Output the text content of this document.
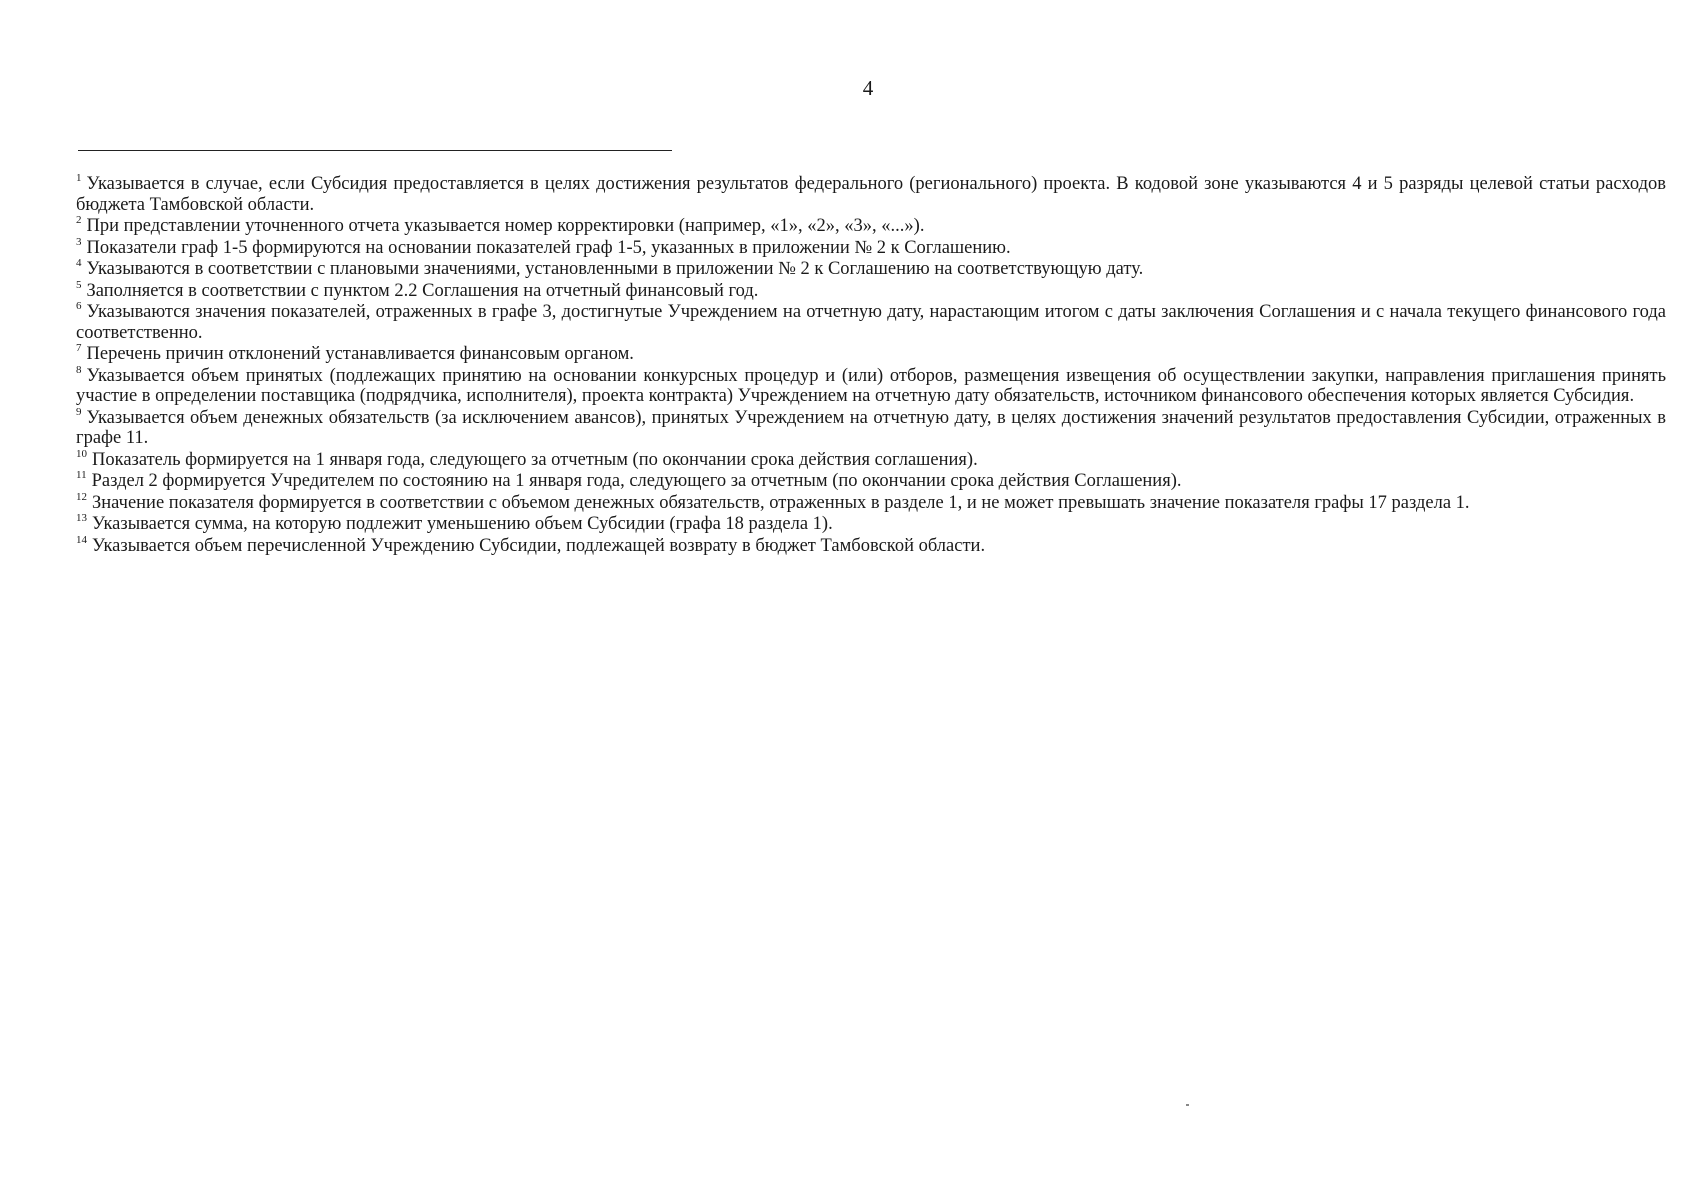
4

$^1$ Указывается в случае, если Субсидия предоставляется в целях достижения результатов федерального (регионального) проекта. В кодовой зоне указываются 4 и 5 разряды целевой статьи расходов бюджета Тамбовской области.

$^2$ При представлении уточненного отчета указывается номер корректировки (например, «1», «2», «3», «...»).

$^3$ Показатели граф 1-5 формируются на основании показателей граф 1-5, указанных в приложении № 2 к Соглашению.

$^4$ Указываются в соответствии с плановыми значениями, установленными в приложении № 2 к Соглашению на соответствующую дату.

$^5$ Заполняется в соответствии с пунктом 2.2 Соглашения на отчетный финансовый год.

$^6$ Указываются значения показателей, отраженных в графе 3, достигнутые Учреждением на отчетную дату, нарастающим итогом с даты заключения Соглашения и с начала текущего финансового года соответственно.

$^7$ Перечень причин отклонений устанавливается финансовым органом.

$^8$ Указывается объем принятых (подлежащих принятию на основании конкурсных процедур и (или) отборов, размещения извещения об осуществлении закупки, направления приглашения принять участие в определении поставщика (подрядчика, исполнителя), проекта контракта) Учреждением на отчетную дату обязательств, источником финансового обеспечения которых является Субсидия.

$^9$ Указывается объем денежных обязательств (за исключением авансов), принятых Учреждением на отчетную дату, в целях достижения значений результатов предоставления Субсидии, отраженных в графе 11.

$^{10}$ Показатель формируется на 1 января года, следующего за отчетным (по окончании срока действия соглашения).

$^{11}$ Раздел 2 формируется Учредителем по состоянию на 1 января года, следующего за отчетным (по окончании срока действия Соглашения).

$^{12}$ Значение показателя формируется в соответствии с объемом денежных обязательств, отраженных в разделе 1, и не может превышать значение показателя графы 17 раздела 1.

$^{13}$ Указывается сумма, на которую подлежит уменьшению объем Субсидии (графа 18 раздела 1).

$^{14}$ Указывается объем перечисленной Учреждению Субсидии, подлежащей возврату в бюджет Тамбовской области.
